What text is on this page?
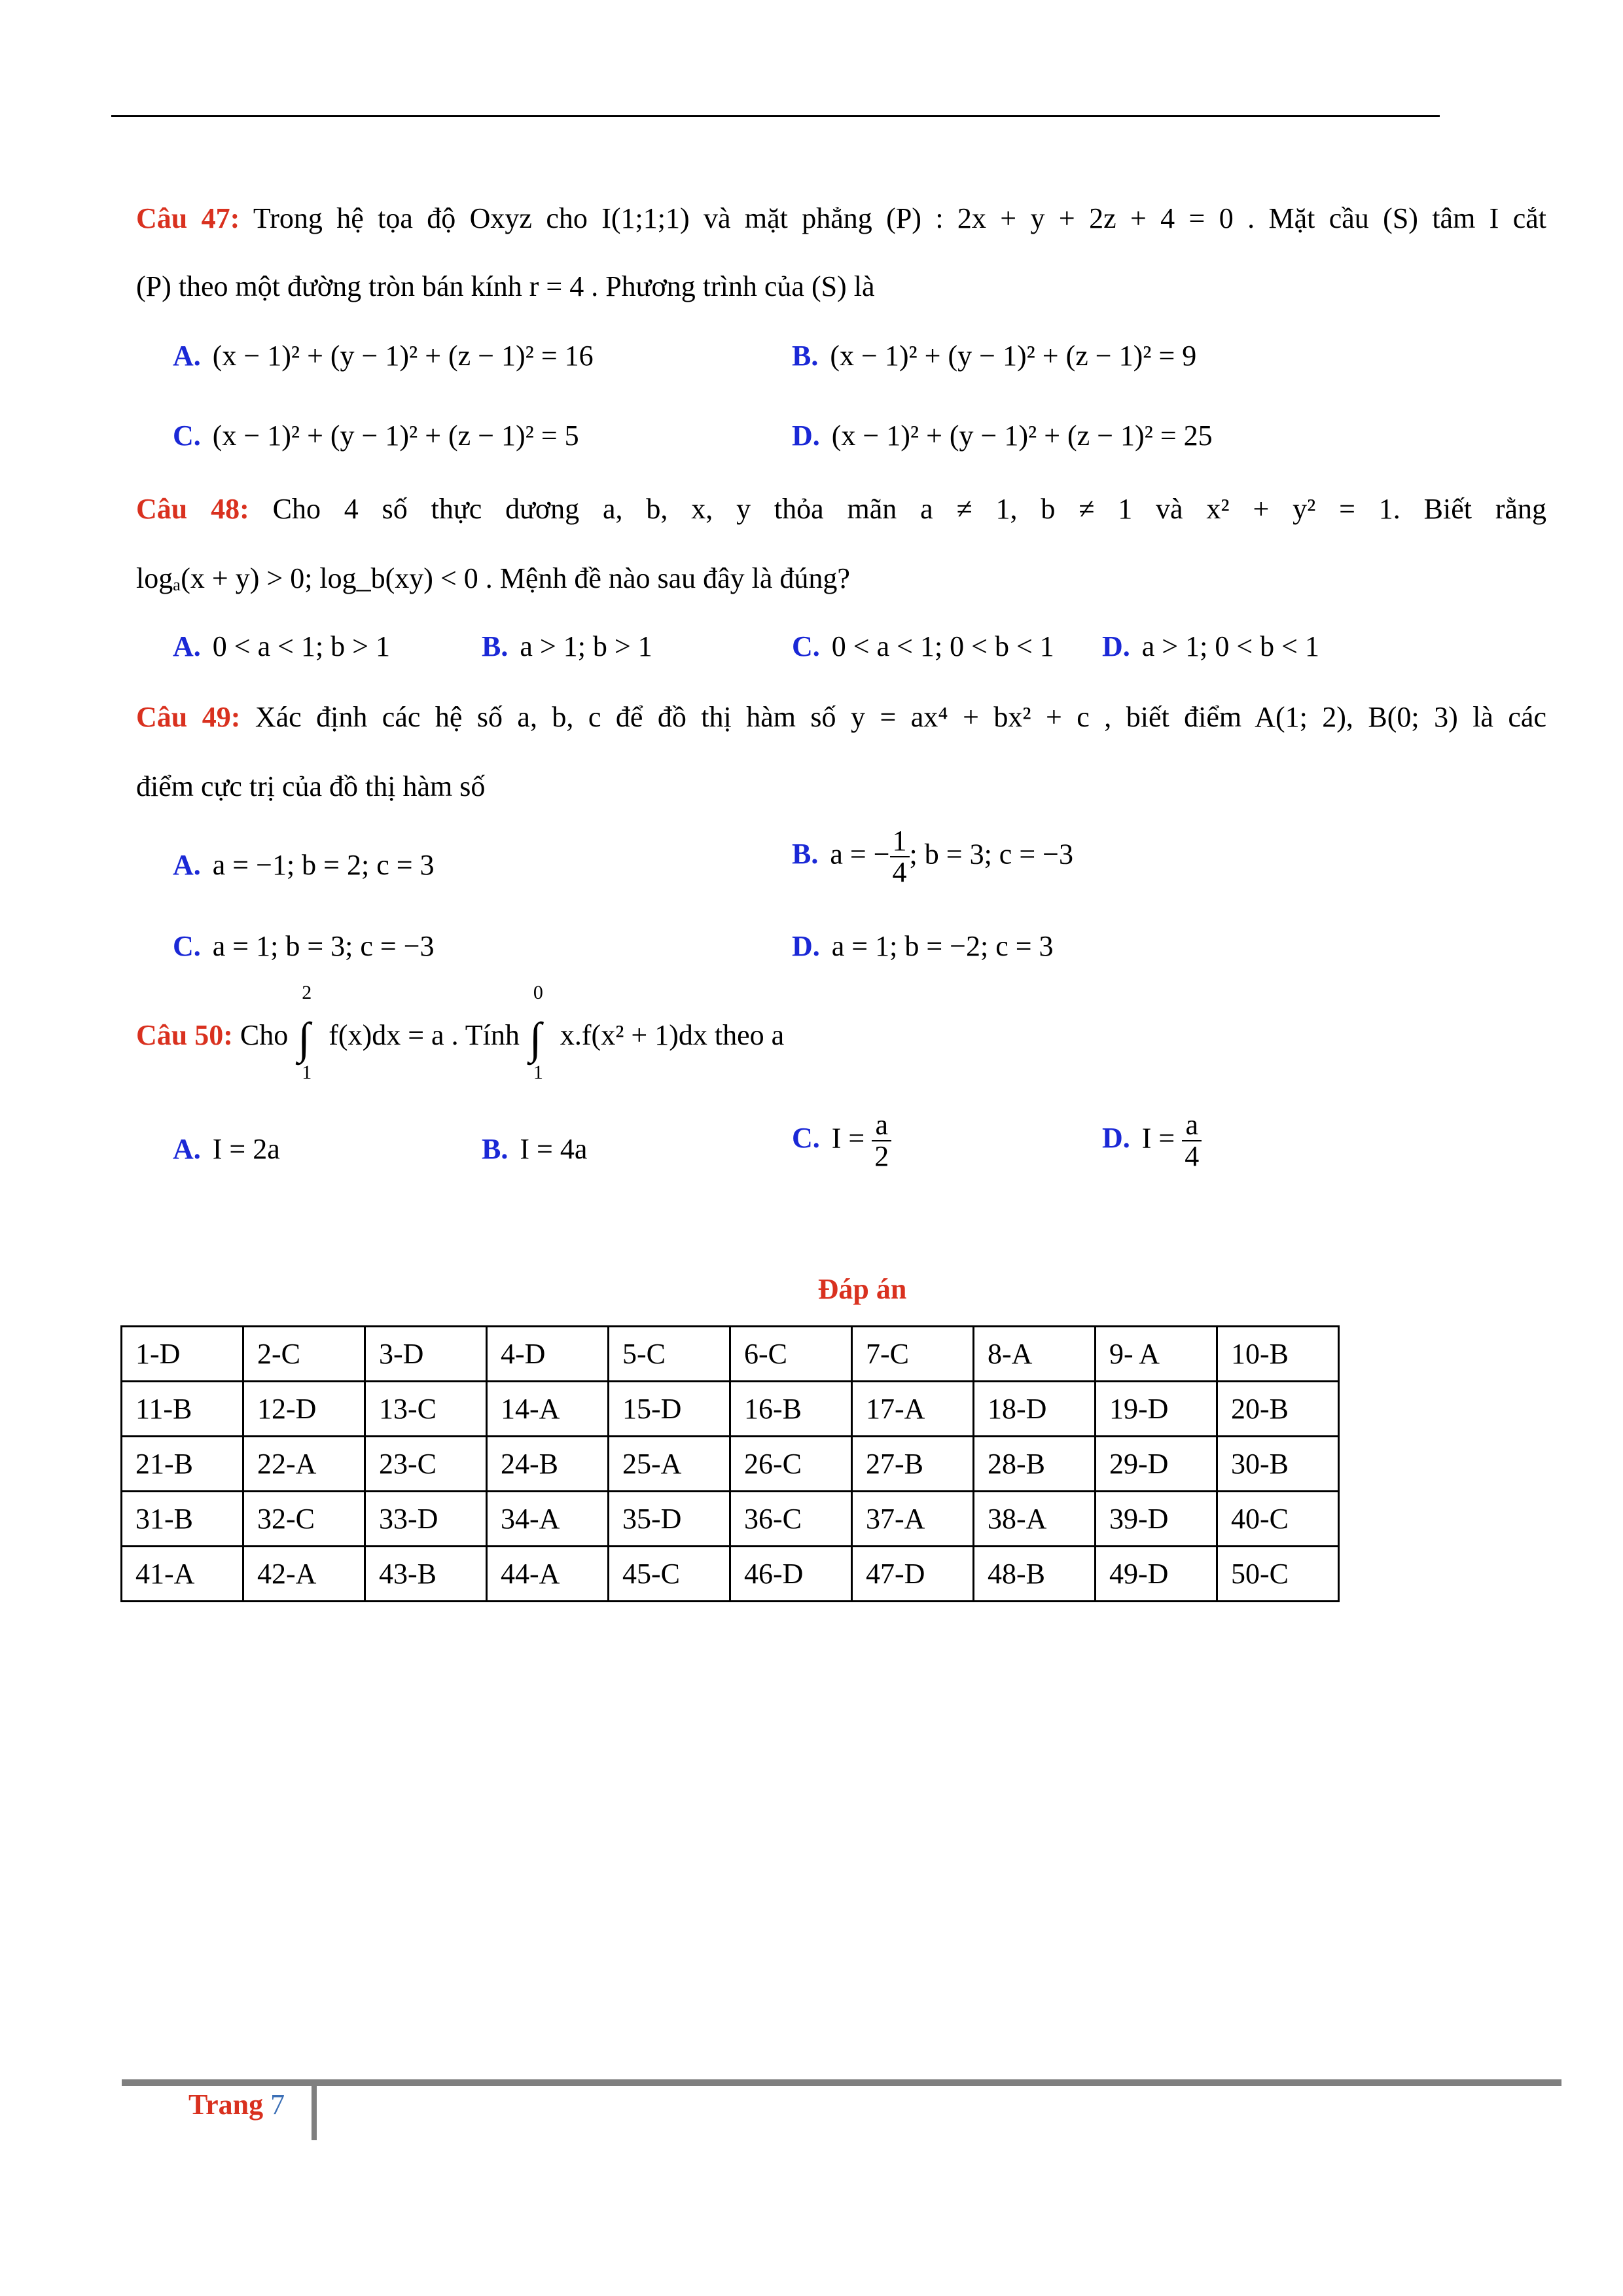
Câu 47: Trong hệ tọa độ Oxyz cho I(1;1;1) và mặt phẳng (P) : 2x + y + 2z + 4 = 0 . Mặt cầu (S) tâm I cắt
(P) theo một đường tròn bán kính r = 4 . Phương trình của (S) là
A. (x − 1)² + (y − 1)² + (z − 1)² = 16	B. (x − 1)² + (y − 1)² + (z − 1)² = 9
C. (x − 1)² + (y − 1)² + (z − 1)² = 5	D. (x − 1)² + (y − 1)² + (z − 1)² = 25
Câu 48: Cho 4 số thực dương a, b, x, y thỏa mãn a ≠ 1, b ≠ 1 và x² + y² = 1. Biết rằng
logₐ(x + y) > 0; log_b(xy) < 0 . Mệnh đề nào sau đây là đúng?
A. 0 < a < 1; b > 1	B. a > 1; b > 1	C. 0 < a < 1; 0 < b < 1 D. a > 1; 0 < b < 1
Câu 49: Xác định các hệ số a, b, c để đồ thị hàm số y = ax⁴ + bx² + c , biết điểm A(1; 2), B(0; 3) là các
điểm cực trị của đồ thị hàm số
A. a = −1; b = 2; c = 3	B. a = − $\frac{1}{4}$ ; b = 3; c = −3
C. a = 1; b = 3; c = −3	D. a = 1; b = −2; c = 3
Câu 50: Cho ∫
2
1
f(x)dx = a . Tính ∫
0
1
x.f(x² + 1)dx theo a
A. I = 2a	B. I = 4a	C. $I = \frac{a}{2}$	D. $I = \frac{a}{4}$
Đáp án
1-D	2-C	3-D	4-D	5-C	6-C	7-C	8-A	9- A	10-B
11-B	12-D	13-C	14-A	15-D	16-B	17-A	18-D	19-D	20-B
21-B	22-A	23-C	24-B	25-A	26-C	27-B	28-B	29-D	30-B
31-B	32-C	33-D	34-A	35-D	36-C	37-A	38-A	39-D	40-C
41-A	42-A	43-B	44-A	45-C	46-D	47-D	48-B	49-D	50-C
Trang 7
